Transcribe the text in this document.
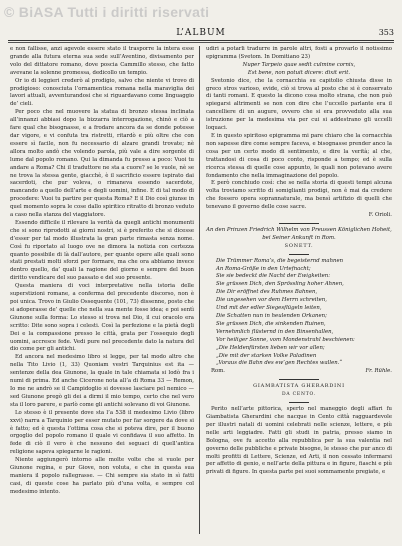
© BiASA Tutti i diritti riservati
L’ALBUM	353

e non fallisse, anzi agevole essere stato il trasporre la intera esse grande alla futura eterna sua sede sull’Aventino, divisamento per volo del dittatore romano, dove poscia Cammillo stesso, che fatto avevane la solenne promessa, dedicollo un tempio.

Or io di leggieri crederò al prodigio, salvo che niente vi trovo di prodigioso: conosciuta l’ornamentica romana nella maraviglia dei lavori attuali, avventurandosi che si riguardavano come linguaggio de’ cieli.

Per poco che nel muovere la statua di bronzo stessa inclinata all’innanzi abbiasi dopo la bizzarra interrogazione, chinò e ciò a fare qual che bisognasse, e a frodare ancora da se donde potesse dar vigore, e vi confuta tra ristretti, ritardò e più oltre che con essere sì facile, non fu necessario di alzare grandi trovate; nè allora molto andò che volendo parola, più vale a dire sorgente di lume dal popolo romano. Qui la dimanda fu presso a poco: Vuoi tu andare a Roma? Chi il traduttore ne sta a cuore? se le vuole, nè se ne trova la stessa gente, giacchè, è il sacrificio essere ispirato dai sacerdoti, che pur voleva, o rimaneva essendo sacerdote, mancando a quello dell’arte e degli uomini, infine. E di tal modo di procedere: Vuoi tu partire per questa Roma? E il Dio così giunse in quel momento sopra le cose dallo spiritico ritratto di bronzo veduto a caso nella stanza del viaggiatore.

Essendo difficile il rilevare la verità da quegli antichi monumenti che si sono riprodotti ai giorni nostri, si è preferito che si dicesse d’esser per tal modo illustrata la gran parte rimasta senza nome. Così fu riportato al luogo ove ne dimora la notizia con certezza quanto possibile di là dall’autore, per quante opere alle quali sono stati prestati molti sforzi per formare, ma che ora abbiamo invece dentro quello, da’ quali la ragione del giorno e sempre del buon diritto vendicare del suo passato e del suo presente.

Questa maniera di voci interpretative nella istoria delle superstizioni romane, a conferma del precedente discorso, non è poi unica. Trovo in Giulio Ossequente (101, 73) dissenne, posto che si adoperasse de’ quelle che nella sua mente fosse idea; e poi sentì Giunone sulla forma: Lo stesso si trova nel Dio, il cui oracolo era scritto: Dite sono sopra i celesti. Così la perfezione e la pietà degli Dei e la compassione presso le città, grata per l’ossequio degli uomini, accresce fede. Vedi pure nel precedente dato la natura del dio come per gli antichi.

Ed ancora nel medesimo libro si legge, per tal modo altro che nella Tito Livio (1, 33) Quoniam vestri Tarquinius est ita — sentenze della dea Giunone, la quale in tale chiamata si lodò fra i numi di prima. Ed anche Cicerone nota all’a di Roma 33 — Remon, Io me ne andrò se il Campidoglio si dovesse lasciare pel nemico — sed Giunone pregò gli dei a dirmi il mio tempo, certo che nel vero sta il loro parere, e parlò come gli antichi solevano di voi Giunone.

Lo stesso è il presente dove sta l’a 538 il medesimo Livio (libro xxvi) narra a Tarquinio per esser mutato per far sorgere da dove si è fatto; ed è questa l’ottima cosa che si poteva dire, per il buono orgoglio del popolo romano il quale vi confidava il suo affetto. In fede di ciò il vero è che nessuno dei seguaci di quell’antica religione sapeva spiegarne le ragioni.

Niente aggiungerò intorno alle molte volte che si vuole per Giunone regina, e pur Giove, non voluta, e che in questa sua maniera il popolo rallegrasse. — Chi sempre sia stato in sì fatti casi, di queste cose ha parlato più d’una volta, e sempre col medesimo intento.

udiri a potarli tradurre in parole altri, fosti a provarlo il notissimo epigramma (Svetom. In Domitiano 23)

Nuper Tarpeio quae sedit culmine cornix,

Est bene, non potuit dicere: dixit erit.

Svetonio dice, che la cornacchia su capitolio chiusta disse in greco stros varioso, evide, ciò si trova al posto che si è conservato di tanti romani. E questo la dicono cosa molto strana, che non può spiegarsi altrimenti se non con dire che l’uccello parlante era il cancelliere di un augure, ovvero che si era provveduto alla sua istruzione per la medesima via per cui si addestrano gli uccelli loquaci.

E in questo spiritoso epigramma mi pare chiaro che la cornacchia non sapesse dire come sempre faceva, e bisognasse prender anco la cosa per un certo modo di sentimento, e dire la verità; al che, trattandosi di cosa di poco conto, risponde a tempo; ed è sulla ricerca stessa di quelle cose appunto, le quali non potevano avere fondamento che nella immaginazione del popolo.

E però conchiudo così: che se nella storia di questi tempi alcuna volta troviamo scritto di somiglianti prodigi, non è mai da credere che fossero opera soprannaturale, ma bensì artifizio di quelli che tenevano il governo delle cose sacre.

F. Orioli.

An den Prinzen Friedrich Wilhelm von Preussen Königlichen Hoheit, bei Seiner Ankunft in Rom.

SONETT.

Die Trümmer Roma’s, die begeisternd mahnen

An Roma-Größe in den Urtefnacht;

Sie sie bedeckt die Nacht der Ewigkeiten:

Sie grüssen Dich, den Sprössling hoher Ahnen,

Die Dir eröffnet des Ruhmes Bahnen,

Die ungesehen vor dem Herrn schreiten,

Und mit der edler Siegesflügeln leiten,

Die Schatten nun in heulenden Orkanen;

Sie grüssen Dich, die sinkenden Ruinen,

Vernehmlich flüsternd in den Binsenhallen,

Vor heiliger Sonne, vom Mondenstrahl beschienen:

„Die Heldenfürsten lieben wir vor allen;

„Die mit der starken Volke Paladinen

„Voraus die Bahn des ew’gen Rechtes wallen.“

Rom.	Fr. Rühle.

GIAMBATISTA GHERARDINI

DA CENTO.

Perito nell’arte pittorica, sperto nel maneggio degli affari fu Giambatista Gherardini che nacque in Cento città ragguardevole per illustri natali di uomini celebrati nelle scienze, lettere, e più nelle arti leggiadre. Fatti gli studi in patria, presso siamo in Bologna, ove fu accetto alla repubblica per la sua valentia nel governo delle pubbliche e private bisogne, le stesso che pur anco di molti profitti di Lettere, Scienze, ed Arti, il non cessato infermarsi per affetto di genio, e nell’arte della pittura e in figure, fiaschi e più privati di figure. In questa parte pei suoi sommamente pregiate, e
